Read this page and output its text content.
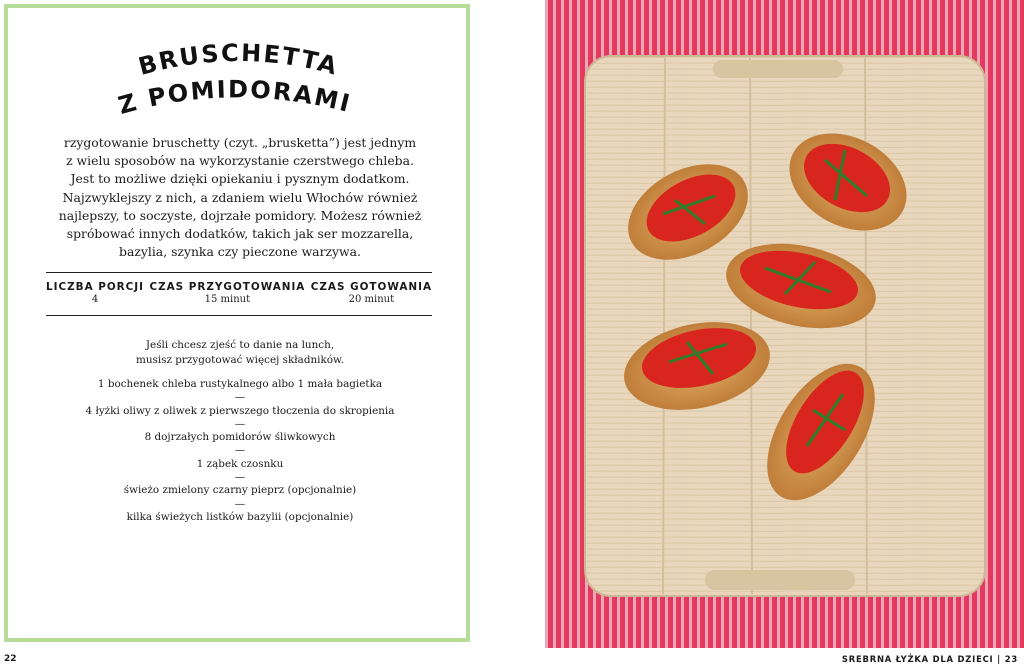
BRUSCHETTA
Z POMIDORAMI

rzygotowanie bruschetty (czyt. „brusketta”) jest jednym
z wielu sposobów na wykorzystanie czerstwego chleba.
Jest to możliwe dzięki opiekaniu i pysznym dodatkom.
Najzwyklejszy z nich, a zdaniem wielu Włochów również
najlepszy, to soczyste, dojrzałe pomidory. Możesz również
spróbować innych dodatków, takich jak ser mozzarella,
bazylia, szynka czy pieczone warzywa.

LICZBA PORCJI
4
CZAS PRZYGOTOWANIA
15 minut
CZAS GOTOWANIA
20 minut
Jeśli chcesz zjeść to danie na lunch,
musisz przygotować więcej składników.
1 bochenek chleba rustykalnego albo 1 mała bagietka
—
4 łyżki oliwy z oliwek z pierwszego tłoczenia do skropienia
—
8 dojrzałych pomidorów śliwkowych
—
1 ząbek czosnku
—
świeżo zmielony czarny pieprz (opcjonalnie)
—
kilka świeżych listków bazylii (opcjonalnie)
22	SREBRNA ŁYŻKA DLA DZIECI | 23
